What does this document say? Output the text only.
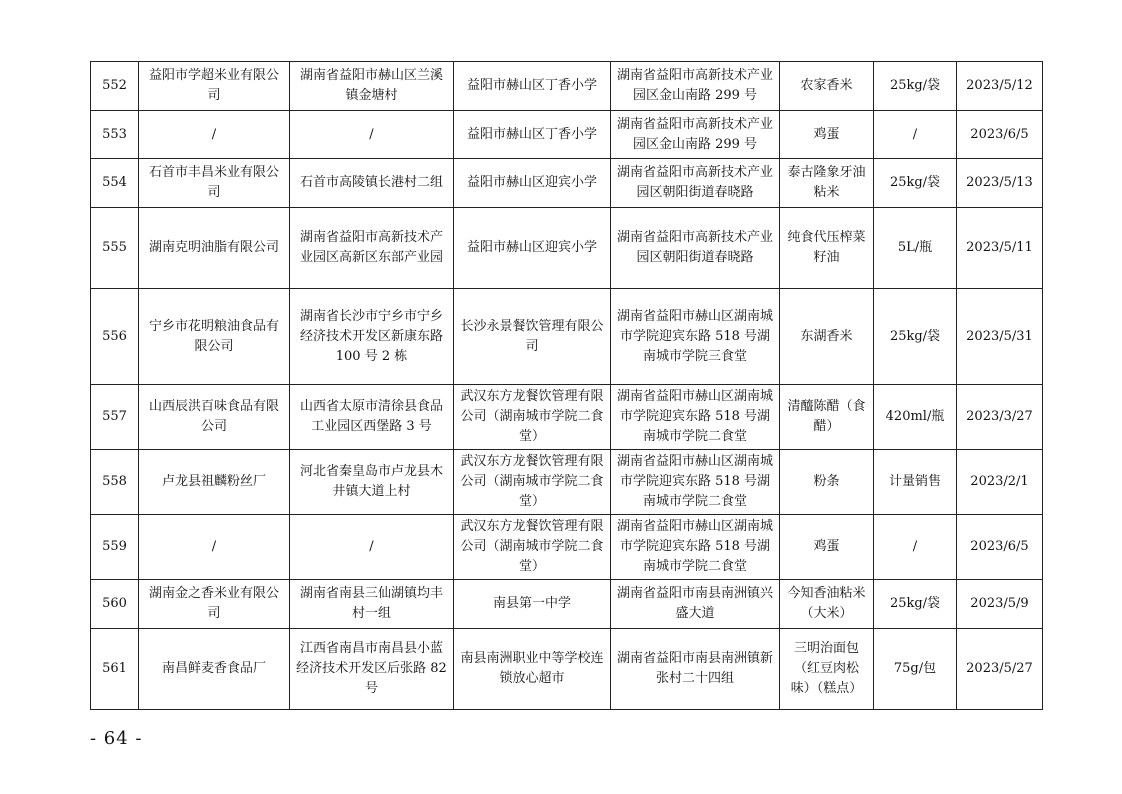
552	益阳市学超米业有限公司	湖南省益阳市赫山区兰溪镇金塘村	益阳市赫山区丁香小学	湖南省益阳市高新技术产业园区金山南路 299 号	农家香米	25kg/袋	2023/5/12
553	/	/	益阳市赫山区丁香小学	湖南省益阳市高新技术产业园区金山南路 299 号	鸡蛋	/	2023/6/5
554	石首市丰昌米业有限公司	石首市高陵镇长港村二组	益阳市赫山区迎宾小学	湖南省益阳市高新技术产业园区朝阳街道春晓路	泰古隆象牙油粘米	25kg/袋	2023/5/13
555	湖南克明油脂有限公司	湖南省益阳市高新技术产业园区高新区东部产业园	益阳市赫山区迎宾小学	湖南省益阳市高新技术产业园区朝阳街道春晓路	纯食代压榨菜籽油	5L/瓶	2023/5/11
556	宁乡市花明粮油食品有限公司	湖南省长沙市宁乡市宁乡经济技术开发区新康东路 100 号 2 栋	长沙永景餐饮管理有限公司	湖南省益阳市赫山区湖南城市学院迎宾东路 518 号湖南城市学院三食堂	东湖香米	25kg/袋	2023/5/31
557	山西辰洪百味食品有限公司	山西省太原市清徐县食品工业园区西堡路 3 号	武汉东方龙餐饮管理有限公司（湖南城市学院二食堂）	湖南省益阳市赫山区湖南城市学院迎宾东路 518 号湖南城市学院二食堂	清醯陈醋（食醋）	420ml/瓶	2023/3/27
558	卢龙县祖麟粉丝厂	河北省秦皇岛市卢龙县木井镇大道上村	武汉东方龙餐饮管理有限公司（湖南城市学院二食堂）	湖南省益阳市赫山区湖南城市学院迎宾东路 518 号湖南城市学院二食堂	粉条	计量销售	2023/2/1
559	/	/	武汉东方龙餐饮管理有限公司（湖南城市学院二食堂）	湖南省益阳市赫山区湖南城市学院迎宾东路 518 号湖南城市学院二食堂	鸡蛋	/	2023/6/5
560	湖南金之香米业有限公司	湖南省南县三仙湖镇均丰村一组	南县第一中学	湖南省益阳市南县南洲镇兴盛大道	今知香油粘米（大米）	25kg/袋	2023/5/9
561	南昌鲜麦香食品厂	江西省南昌市南昌县小蓝经济技术开发区后张路 82 号	南县南洲职业中等学校连锁放心超市	湖南省益阳市南县南洲镇新张村二十四组	三明治面包（红豆肉松味）（糕点）	75g/包	2023/5/27
- 64 -
